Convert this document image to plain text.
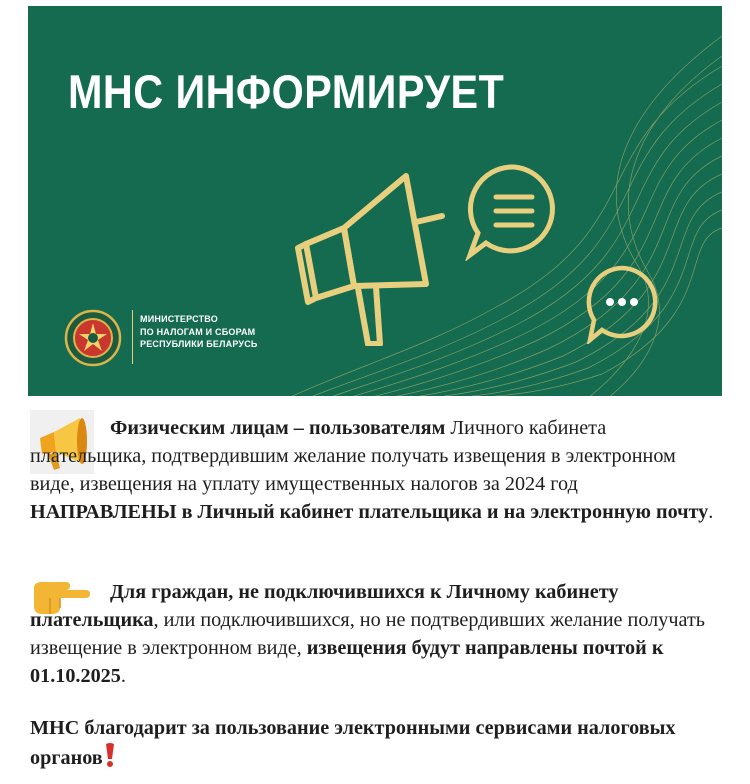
МНС ИНФОРМИРУЕТ
МИНИСТЕРСТВО
ПО НАЛОГАМ И СБОРАМ
РЕСПУБЛИКИ БЕЛАРУСЬ

Физическим лицам – пользователям Личного кабинета плательщика, подтвердившим желание получать извещения в электронном виде, извещения на уплату имущественных налогов за 2024 год НАПРАВЛЕНЫ в Личный кабинет плательщика и на электронную почту.

Для граждан, не подключившихся к Личному кабинету плательщика, или подключившихся, но не подтвердивших желание получать извещение в электронном виде, извещения будут направлены почтой к 01.10.2025.

МНС благодарит за пользование электронными сервисами налоговых органов
